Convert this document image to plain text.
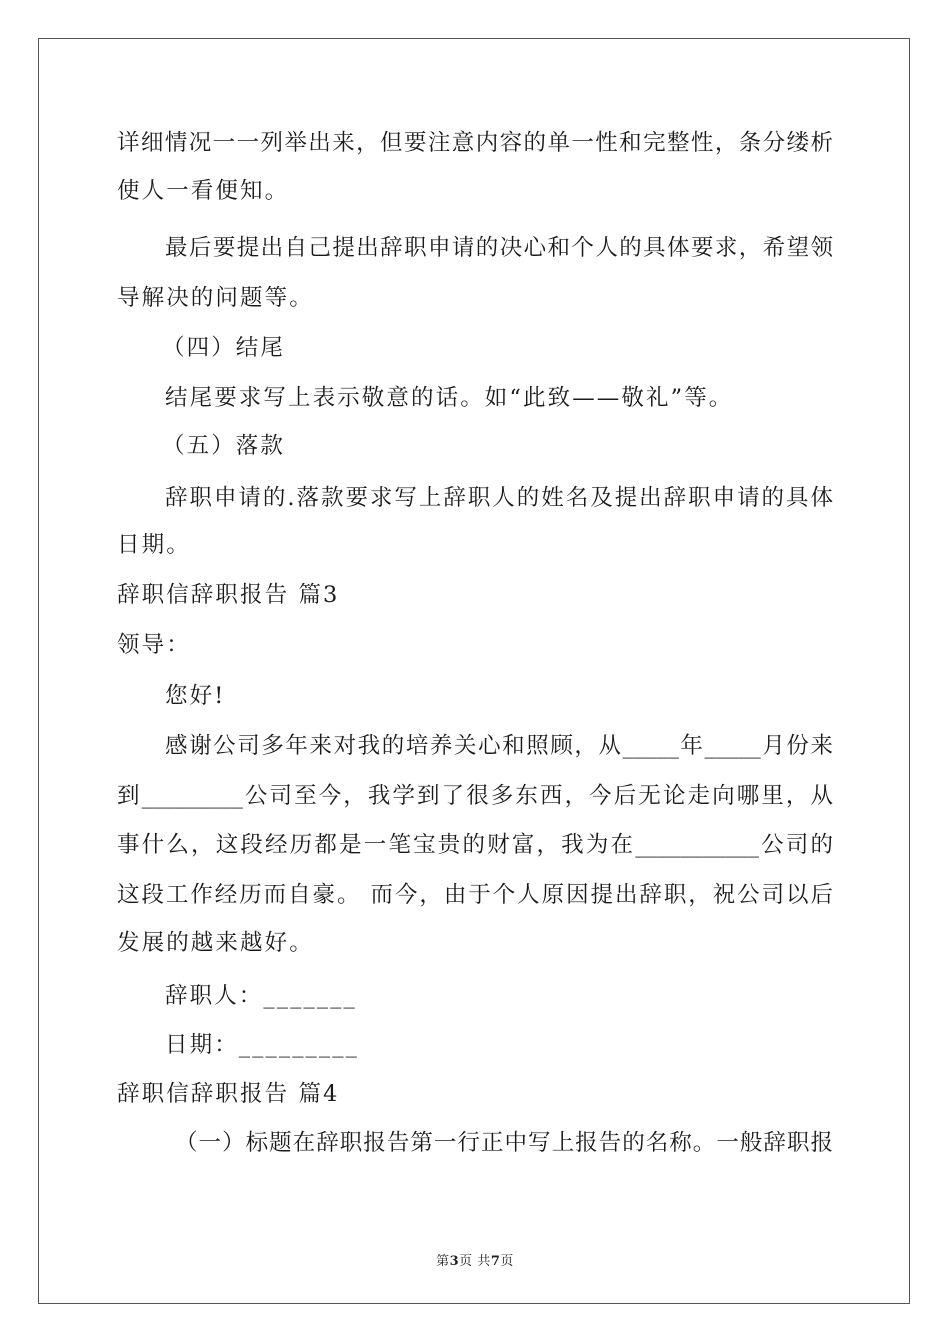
详细情况一一列举出来，但要注意内容的单一性和完整性，条分缕析
使人一看便知。
最后要提出自己提出辞职申请的决心和个人的具体要求，希望领
导解决的问题等。
（四）结尾
结尾要求写上表示敬意的话。如“此致——敬礼”等。
（五）落款
辞职申请的.落款要求写上辞职人的姓名及提出辞职申请的具体
日期。
辞职信辞职报告 篇3
领导：
您好!
感谢公司多年来对我的培养关心和照顾，从_____年_____月份来
到_________公司至今，我学到了很多东西，今后无论走向哪里，从
事什么，这段经历都是一笔宝贵的财富，我为在___________公司的
这段工作经历而自豪。 而今，由于个人原因提出辞职，祝公司以后
发展的越来越好。
辞职人：_______
日期：_________
辞职信辞职报告 篇4
（一）标题在辞职报告第一行正中写上报告的名称。一般辞职报
第3页 共7页
